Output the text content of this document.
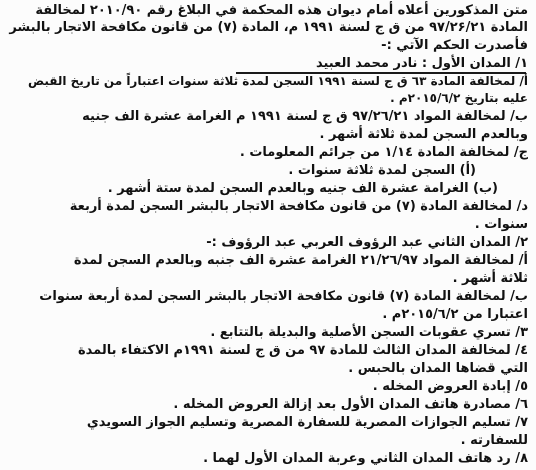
متن المذكورين أعلاه أمام ديوان هذه المحكمة في البلاغ رقم ۲۰۱۰/۹۰ لمخالفة
المادة ۹۷/۲۶/۲۱ من ق ج لسنة ۱۹۹۱ م، المادة (۷) من قانون مكافحة الاتجار بالبشر
فأصدرت الحكم الآتي :-
١/ المدان الأول : نادر محمد العبيد
أ/ لمخالفة المادة ٦٣ ق ج لسنة ١٩٩١ السجن لمدة ثلاثة سنوات اعتباراً من تاريخ القبض
عليه بتاريخ ٢٠١٥/٦/٢م .
ب/ لمخالفة المواد ۹۷/۲٦/۲۱ ق ج لسنة ۱۹۹۱ م الغرامة عشرة الف جنيه
وبالعدم السجن لمدة ثلاثة أشهر .
ج/ لمخالفة المادة ١/١٤ من جرائم المعلومات .
(أ) السجن لمدة ثلاثة سنوات .
(ب) الغرامة عشرة الف جنيه وبالعدم السجن لمدة ستة أشهر .
د/ لمخالفة المادة (٧) من قانون مكافحة الاتجار بالبشر السجن لمدة أربعة
سنوات .
٢/ المدان الثاني عبد الرؤوف العربي عبد الرؤوف :-
أ/ لمخالفة المواد ٢١/٢٦/٩٧ الغرامة عشرة الف جنبه وبالعدم السجن لمدة
ثلاثة أشهر .
ب/ لمخالفة المادة (٧) قانون مكافحة الاتجار بالبشر السجن لمدة أربعة سنوات
اعتبارا من ٢٠١٥/٦/٢م .
٣/ تسري عقوبات السجن الأصلية والبديلة بالتتابع .
٤/ لمخالفة المدان الثالث للمادة ٩٧ من ق ج لسنة ١٩٩١م الاكتفاء بالمدة
التي قضاها المدان بالحبس .
٥/ إبادة العروض المخله .
٦/ مصادرة هاتف المدان الأول بعد إزالة العروض المخله .
٧/ تسليم الجوازات المصرية للسفارة المصرية وتسليم الجواز السويدي
للسفارته .
٨/ رد هاتف المدان الثاني وعربة المدان الأول لهما .
